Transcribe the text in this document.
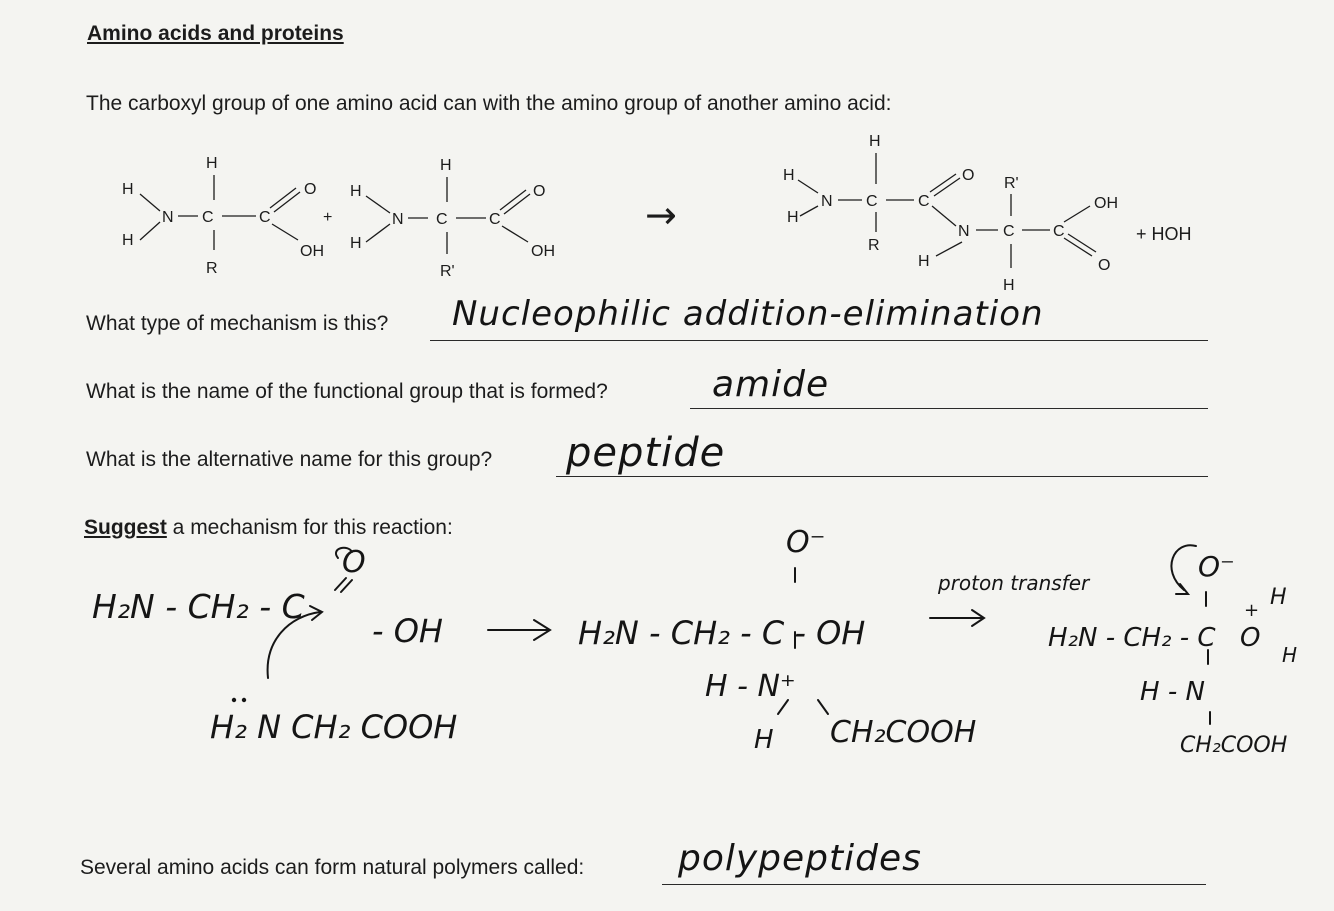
Amino acids and proteins
The carboxyl group of one amino acid can with the amino group of another amino acid:
H
H
N
H
C
R
C
O
OH
+
H
H
N
H
C
R'
C
O
OH
→
H
H
N
H
C
R
C
O
N
H
R'
C
H
C
OH
O
+ HOH
What type of mechanism is this? Nucleophilic addition-elimination
What is the name of the functional group that is formed?	amide
What is the alternative name for this group? peptide
Suggest a mechanism for this reaction:
H₂N - CH₂ - C
O
- OH
H₂ N CH₂ COOH
O⁻
H₂N - CH₂ - C - OH
H - N⁺
H CH₂COOH
proton transfer	O⁻
H₂N - CH₂ - C
+
H
O
H
H - N
CH₂COOH
Several amino acids can form natural polymers called:	polypeptides
